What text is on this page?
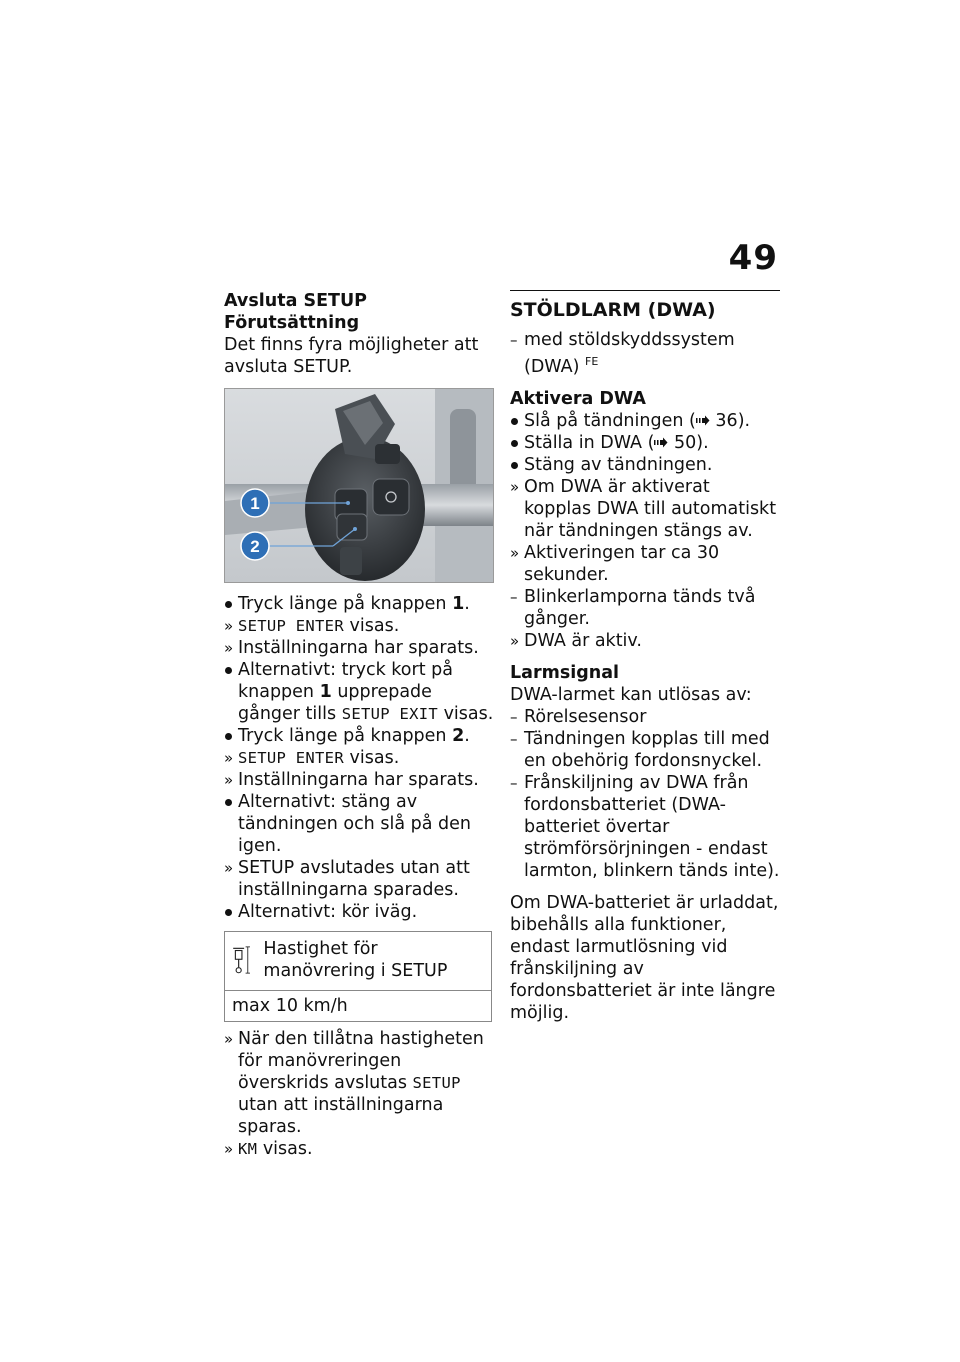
49
Avsluta SETUP
Förutsättning
Det finns fyra möjligheter att avsluta SETUP.
1
2
Tryck länge på knappen 1.
» SETUP ENTER visas.
» Inställningarna har sparats.
Alternativt: tryck kort på knappen 1 upprepade gånger tills SETUP EXIT visas.
Tryck länge på knappen 2.
» SETUP ENTER visas.
» Inställningarna har sparats.
Alternativt: stäng av tändningen och slå på den igen.
» SETUP avslutades utan att inställningarna sparades.
Alternativt: kör iväg.
Hastighet för manövrering i SETUP
max 10 km/h
» När den tillåtna hastigheten för manövreringen överskrids avslutas SETUP utan att inställningarna sparas.
» KM visas.
STÖLDLARM (DWA)
– med stöldskyddssystem (DWA) $^{FE}$
Aktivera DWA
Slå på tändningen ( 36).
Ställa in DWA ( 50).
Stäng av tändningen.
» Om DWA är aktiverat kopplas DWA till automatiskt när tändningen stängs av.
» Aktiveringen tar ca 30 sekunder.
– Blinkerlamporna tänds två gånger.
» DWA är aktiv.
Larmsignal
DWA-larmet kan utlösas av:
– Rörelsesensor
– Tändningen kopplas till med en obehörig fordonsnyckel.
– Frånskiljning av DWA från fordonsbatteriet (DWA-batteriet övertar strömförsörjningen - endast larmton, blinkern tänds inte).
Om DWA-batteriet är urladdat, bibehålls alla funktioner, endast larmutlösning vid frånskiljning av fordonsbatteriet är inte längre möjlig.
